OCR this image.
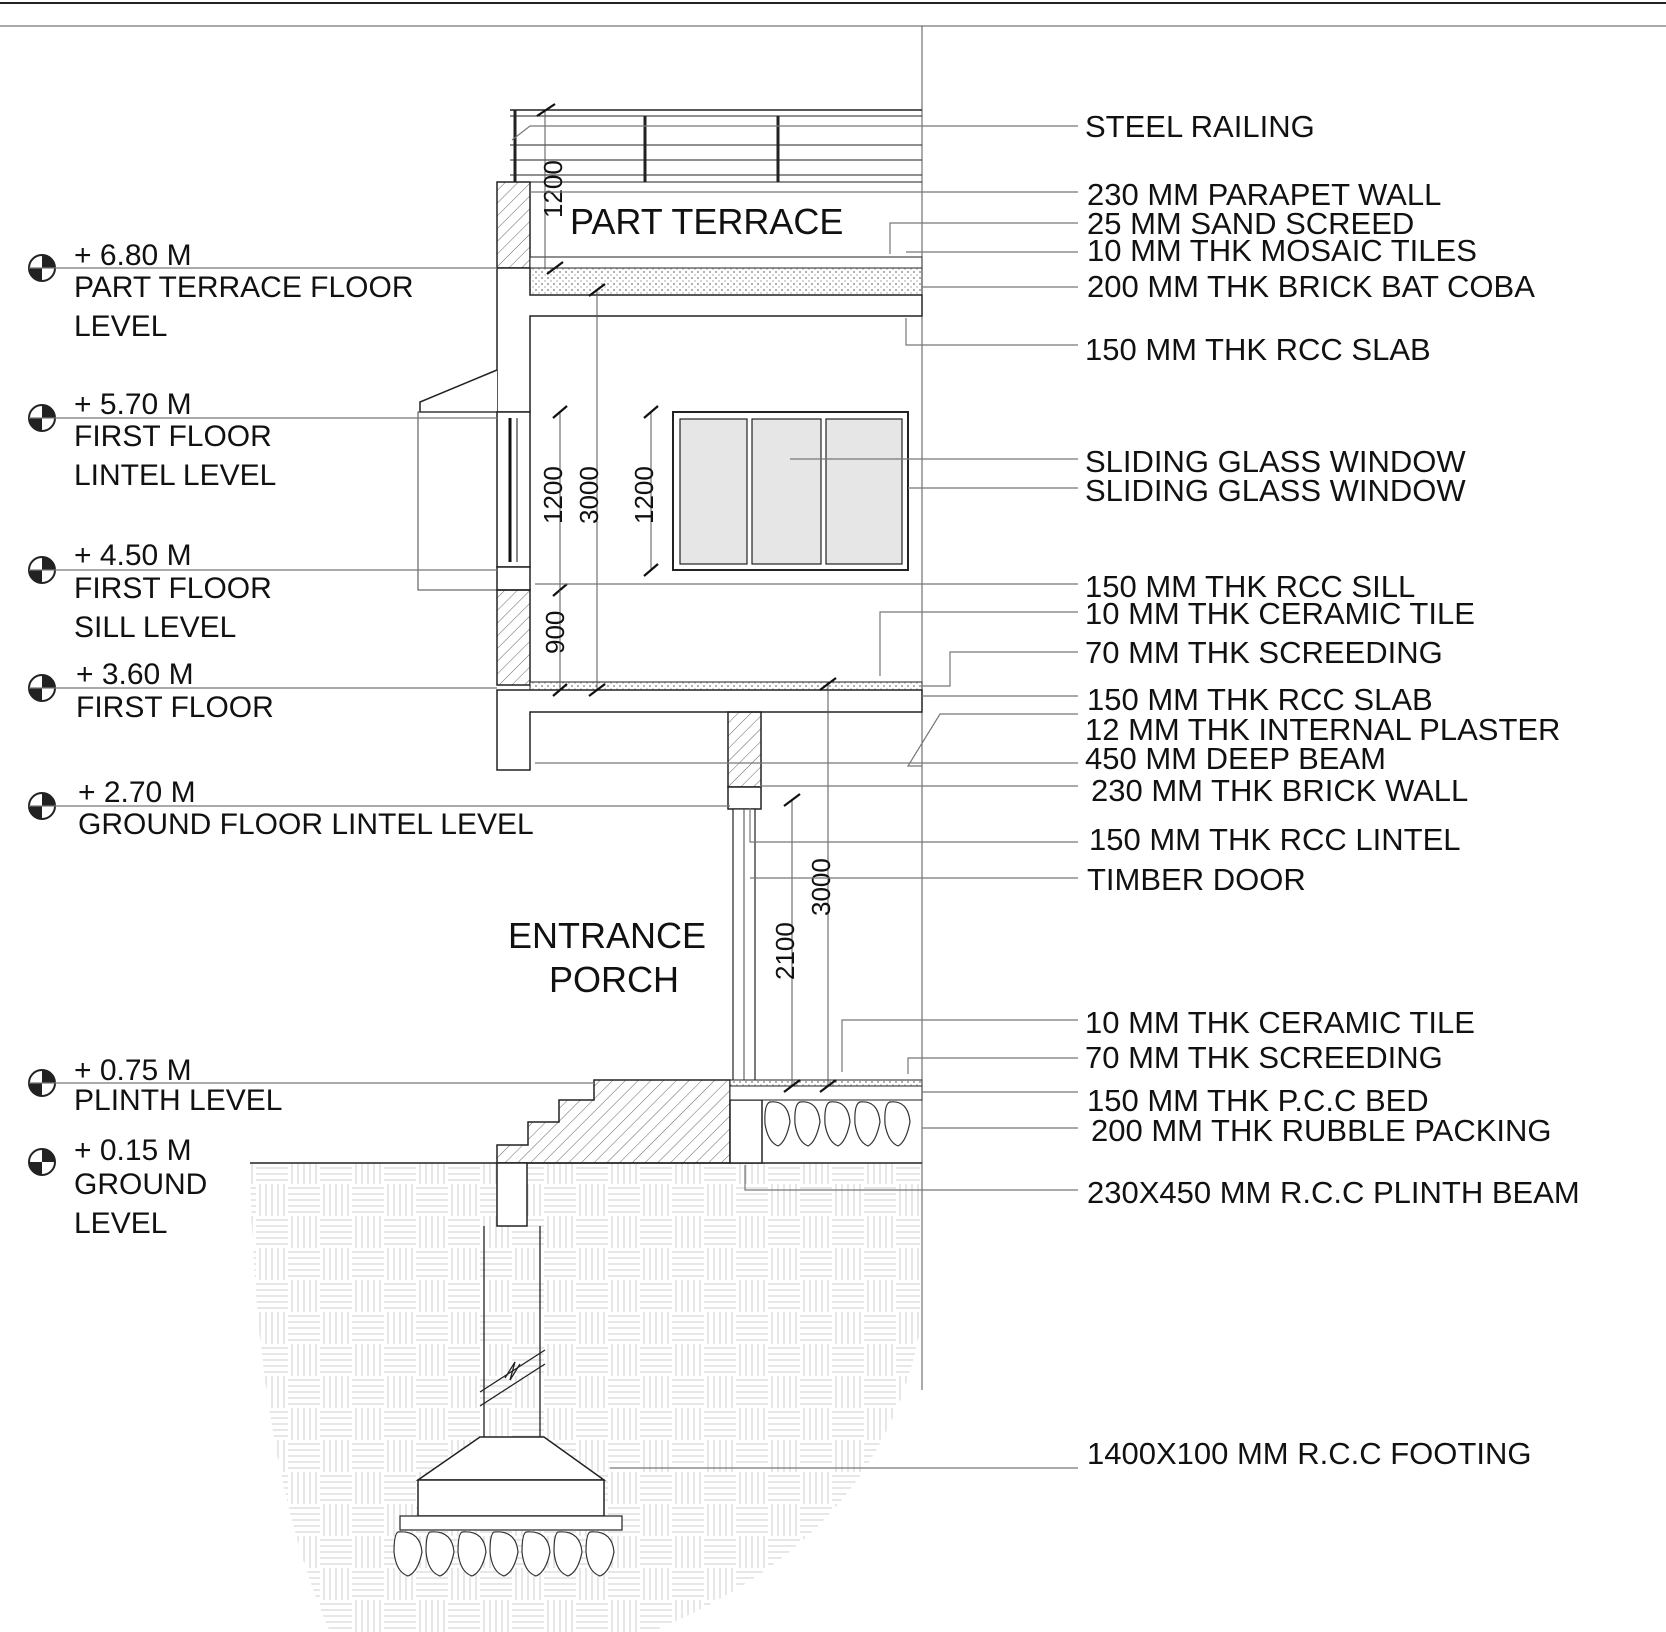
+ 6.80 M
PART TERRACE FLOOR
LEVEL
+ 5.70 M
FIRST FLOOR
LINTEL LEVEL
+ 4.50 M
FIRST FLOOR
SILL LEVEL
+ 3.60 M
FIRST FLOOR
+ 2.70 M
GROUND FLOOR LINTEL LEVEL
+ 0.75 M
PLINTH LEVEL
+ 0.15 M
GROUND
LEVEL
PART TERRACE
ENTRANCE
PORCH
1200
1200 3000 1200
900
2100
3000
STEEL RAILING
230 MM PARAPET WALL
25 MM SAND SCREED
10 MM THK MOSAIC TILES
200 MM THK BRICK BAT COBA
150 MM THK RCC SLAB
SLIDING GLASS WINDOW
SLIDING GLASS WINDOW
150 MM THK RCC SILL
10 MM THK CERAMIC TILE
70 MM THK SCREEDING
150 MM THK RCC SLAB
12 MM THK INTERNAL PLASTER
450 MM DEEP BEAM
230 MM THK BRICK WALL
150 MM THK RCC LINTEL
TIMBER DOOR
10 MM THK CERAMIC TILE
70 MM THK SCREEDING
150 MM THK P.C.C BED
200 MM THK RUBBLE PACKING
230X450 MM R.C.C PLINTH BEAM
1400X100 MM R.C.C FOOTING
